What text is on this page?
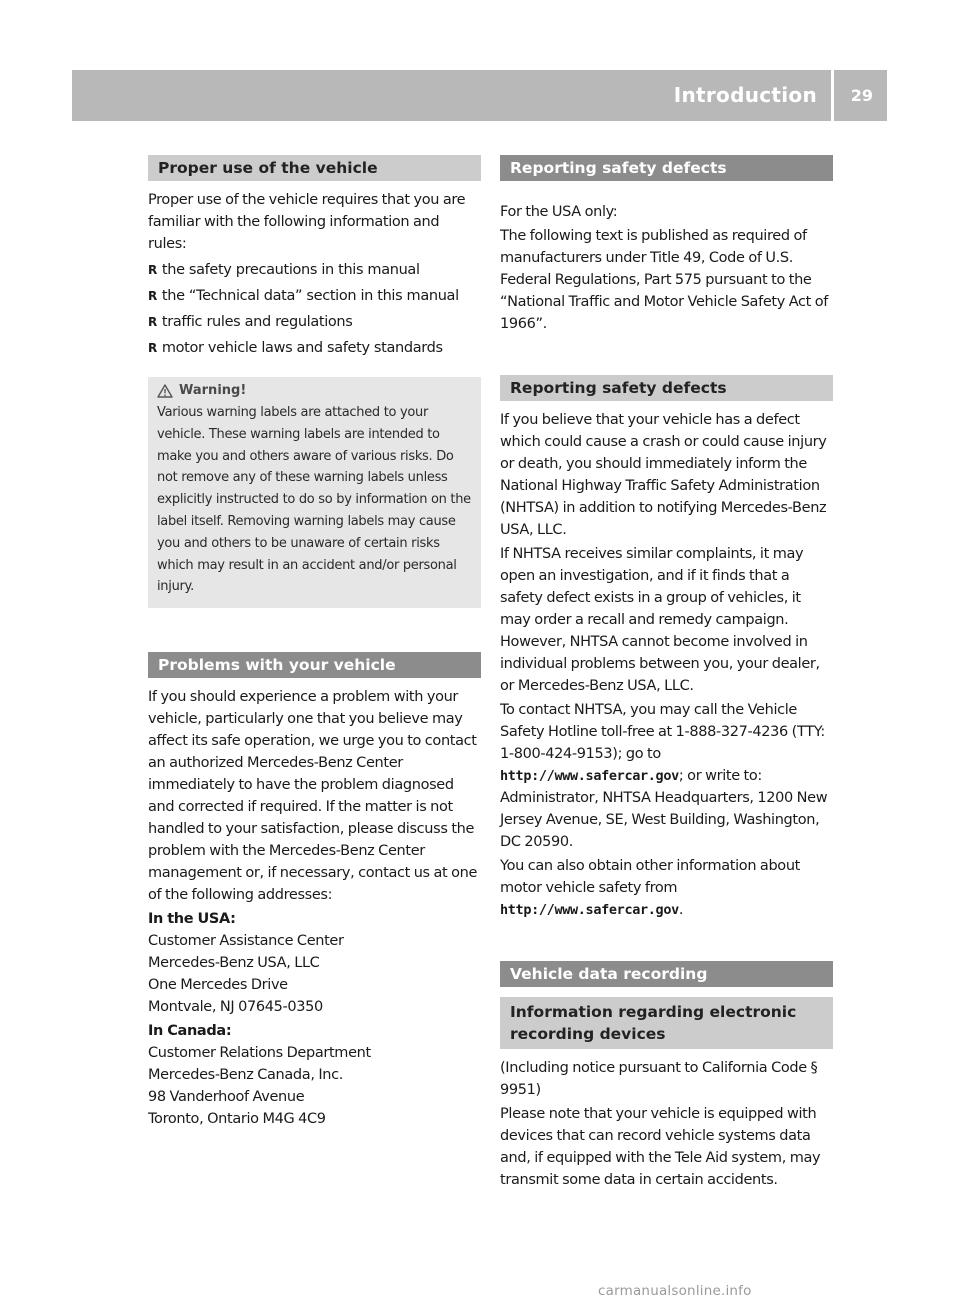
Introduction 29
Proper use of the vehicle

Proper use of the vehicle requires that you are familiar with the following information and rules:

R the safety precautions in this manual
R the “Technical data” section in this manual
R traffic rules and regulations
R motor vehicle laws and safety standards
Warning!
Various warning labels are attached to your vehicle. These warning labels are intended to make you and others aware of various risks. Do not remove any of these warning labels unless explicitly instructed to do so by information on the label itself. Removing warning labels may cause you and others to be unaware of certain risks which may result in an accident and/or personal injury.
Problems with your vehicle

If you should experience a problem with your vehicle, particularly one that you believe may affect its safe operation, we urge you to contact an authorized Mercedes-Benz Center immediately to have the problem diagnosed and corrected if required. If the matter is not handled to your satisfaction, please discuss the problem with the Mercedes-Benz Center management or, if necessary, contact us at one of the following addresses:

In the USA:
Customer Assistance Center
Mercedes-Benz USA, LLC
One Mercedes Drive
Montvale, NJ 07645-0350

In Canada:
Customer Relations Department
Mercedes-Benz Canada, Inc.
98 Vanderhoof Avenue
Toronto, Ontario M4G 4C9

Reporting safety defects

For the USA only:

The following text is published as required of manufacturers under Title 49, Code of U.S. Federal Regulations, Part 575 pursuant to the “National Traffic and Motor Vehicle Safety Act of 1966”.

Reporting safety defects

If you believe that your vehicle has a defect which could cause a crash or could cause injury or death, you should immediately inform the National Highway Traffic Safety Administration (NHTSA) in addition to notifying Mercedes-Benz USA, LLC.

If NHTSA receives similar complaints, it may open an investigation, and if it finds that a safety defect exists in a group of vehicles, it may order a recall and remedy campaign. However, NHTSA cannot become involved in individual problems between you, your dealer, or Mercedes-Benz USA, LLC.

To contact NHTSA, you may call the Vehicle Safety Hotline toll-free at 1-888-327-4236 (TTY: 1-800-424-9153); go to
http://www.safercar.gov; or write to: Administrator, NHTSA Headquarters, 1200 New Jersey Avenue, SE, West Building, Washington, DC 20590.

You can also obtain other information about motor vehicle safety from
http://www.safercar.gov.

Vehicle data recording
Information regarding electronic recording devices

(Including notice pursuant to California Code § 9951)

Please note that your vehicle is equipped with devices that can record vehicle systems data and, if equipped with the Tele Aid system, may transmit some data in certain accidents.

carmanualsonline.info
